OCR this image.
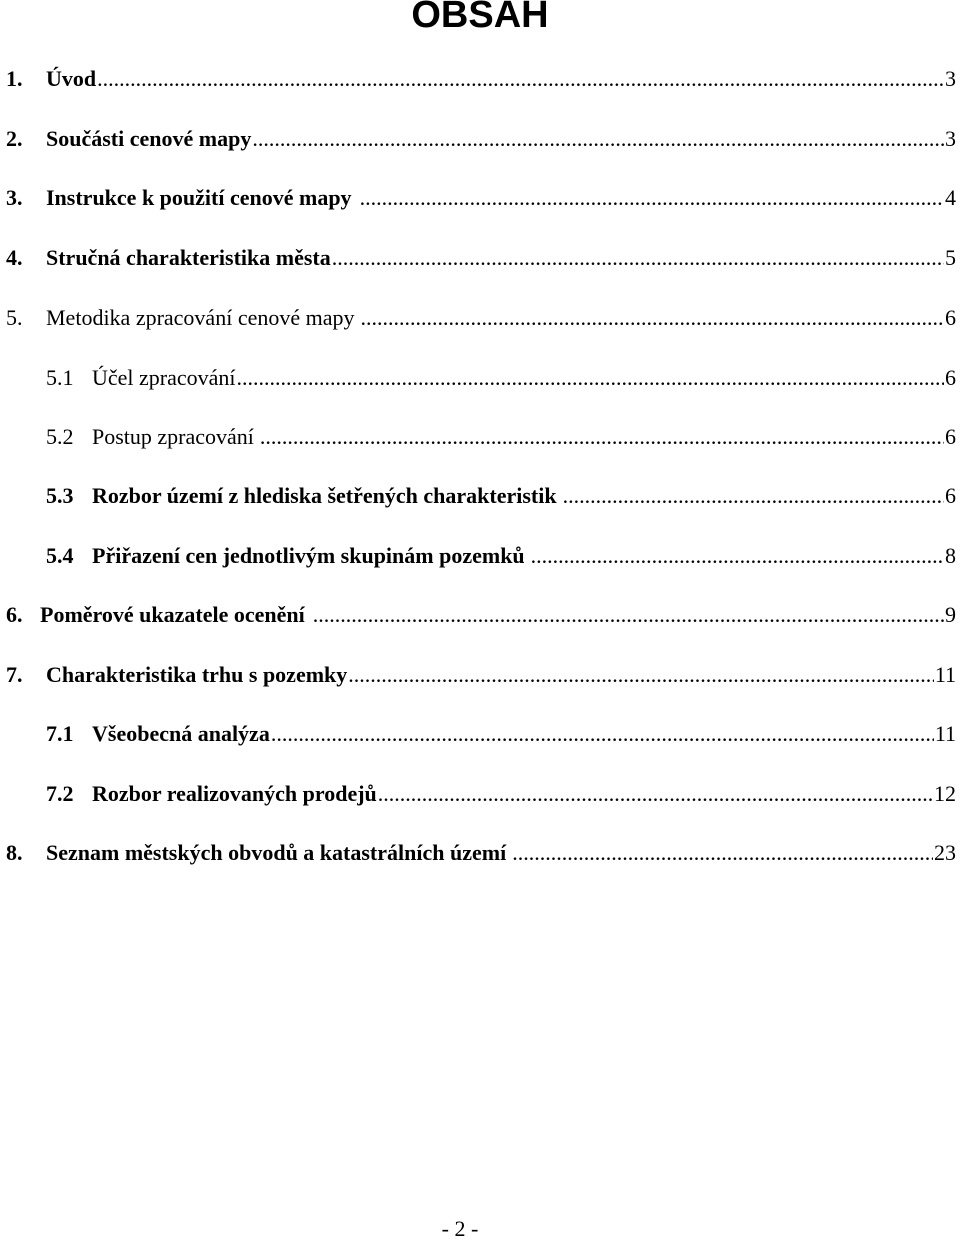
OBSAH
1.	Úvod .....	3
2.	Součásti cenové mapy .....	3
3.	Instrukce k použití cenové mapy .....	4
4.	Stručná charakteristika města .....	5
5.	Metodika zpracování cenové mapy .....	6
5.1 Účel zpracování .....	6
5.2 Postup zpracování .....	6
5.3 Rozbor území z hlediska šetřených charakteristik .....	6
5.4 Přiřazení cen jednotlivým skupinám pozemků .....	8
6. Poměrové ukazatele ocenění .....	9
7.	Charakteristika trhu s pozemky .....	11
7.1 Všeobecná analýza .....	11
7.2 Rozbor realizovaných prodejů .....	12
8.	Seznam městských obvodů a katastrálních území .....	23
- 2 -
